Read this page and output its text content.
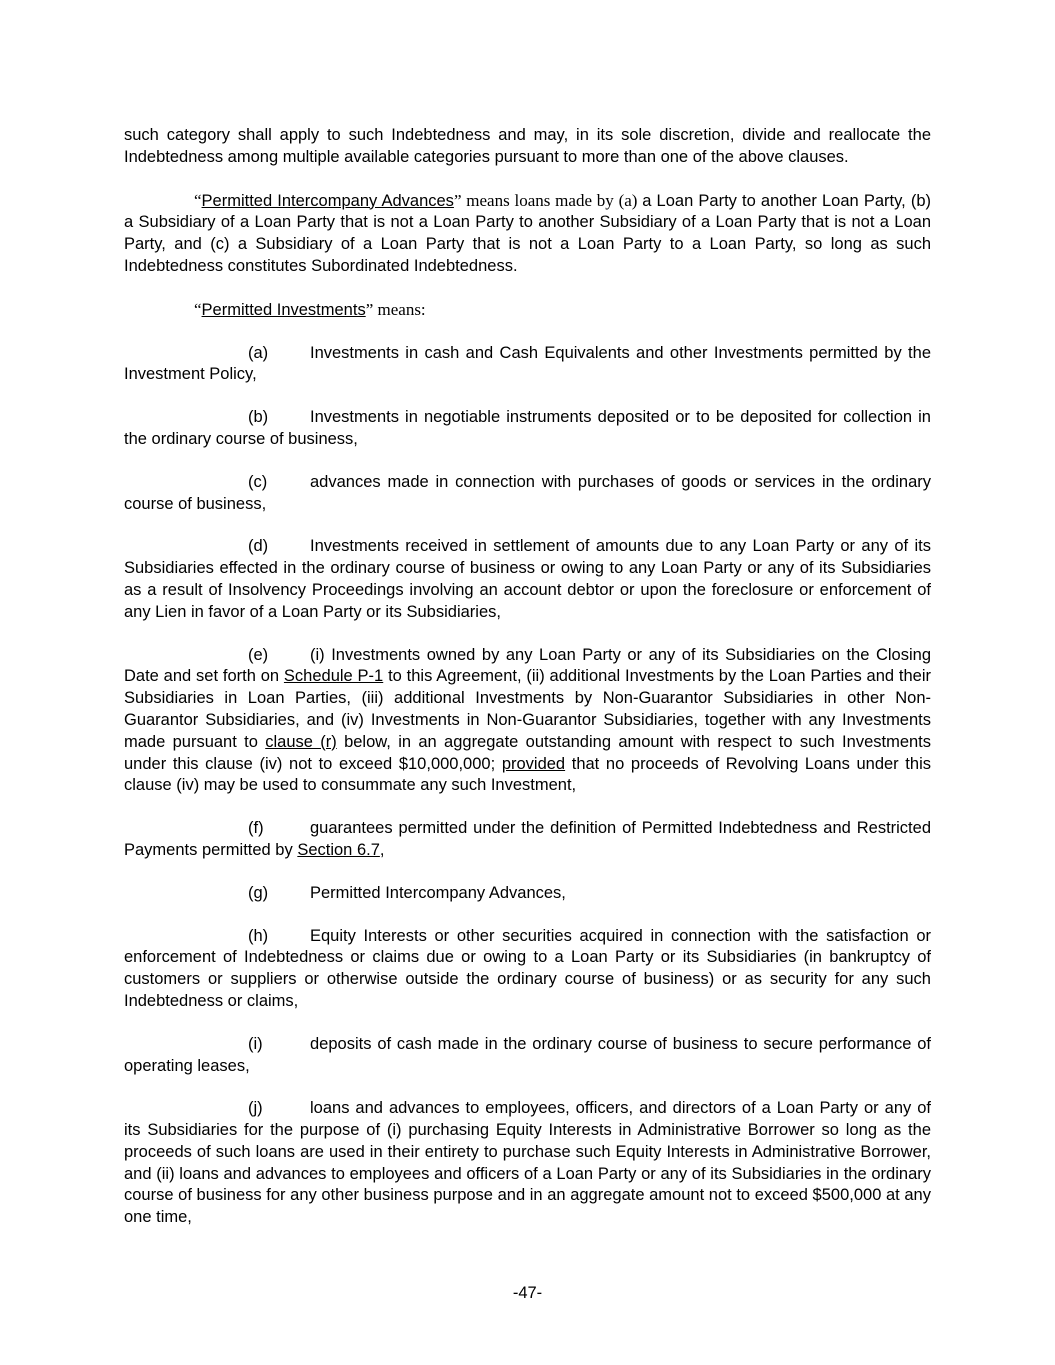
such category shall apply to such Indebtedness and may, in its sole discretion, divide and reallocate the Indebtedness among multiple available categories pursuant to more than one of the above clauses.

“Permitted Intercompany Advances” means loans made by (a) a Loan Party to another Loan Party, (b) a Subsidiary of a Loan Party that is not a Loan Party to another Subsidiary of a Loan Party that is not a Loan Party, and (c) a Subsidiary of a Loan Party that is not a Loan Party to a Loan Party, so long as such Indebtedness constitutes Subordinated Indebtedness.

“Permitted Investments” means:

(a)	Investments in cash and Cash Equivalents and other Investments permitted by the Investment Policy,

(b)	Investments in negotiable instruments deposited or to be deposited for collection in the ordinary course of business,

(c)	advances made in connection with purchases of goods or services in the ordinary course of business,

(d)	Investments received in settlement of amounts due to any Loan Party or any of its Subsidiaries effected in the ordinary course of business or owing to any Loan Party or any of its Subsidiaries as a result of Insolvency Proceedings involving an account debtor or upon the foreclosure or enforcement of any Lien in favor of a Loan Party or its Subsidiaries,

(e)	(i) Investments owned by any Loan Party or any of its Subsidiaries on the Closing Date and set forth on Schedule P-1 to this Agreement, (ii) additional Investments by the Loan Parties and their Subsidiaries in Loan Parties, (iii) additional Investments by Non-Guarantor Subsidiaries in other Non-Guarantor Subsidiaries, and (iv) Investments in Non-Guarantor Subsidiaries, together with any Investments made pursuant to clause (r) below, in an aggregate outstanding amount with respect to such Investments under this clause (iv) not to exceed $10,000,000; provided that no proceeds of Revolving Loans under this clause (iv) may be used to consummate any such Investment,

(f)	guarantees permitted under the definition of Permitted Indebtedness and Restricted Payments permitted by Section 6.7,

(g)	Permitted Intercompany Advances,

(h)	Equity Interests or other securities acquired in connection with the satisfaction or enforcement of Indebtedness or claims due or owing to a Loan Party or its Subsidiaries (in bankruptcy of customers or suppliers or otherwise outside the ordinary course of business) or as security for any such Indebtedness or claims,

(i)	deposits of cash made in the ordinary course of business to secure performance of operating leases,

(j)	loans and advances to employees, officers, and directors of a Loan Party or any of its Subsidiaries for the purpose of (i) purchasing Equity Interests in Administrative Borrower so long as the proceeds of such loans are used in their entirety to purchase such Equity Interests in Administrative Borrower, and (ii) loans and advances to employees and officers of a Loan Party or any of its Subsidiaries in the ordinary course of business for any other business purpose and in an aggregate amount not to exceed $500,000 at any one time,

-47-
